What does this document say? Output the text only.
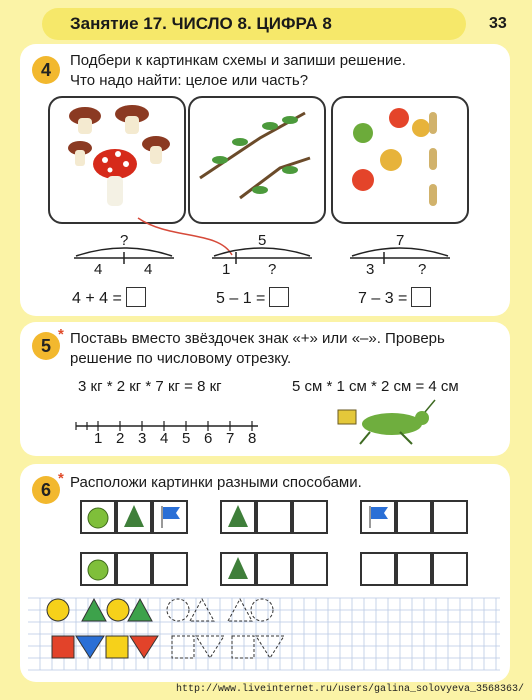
Занятие 17. ЧИСЛО 8. ЦИФРА 8	33
4	Подбери к картинкам схемы и запиши решение.
Что надо найти: целое или часть?
?
4	4
5
1	?
7
3	?
4 + 4 =	5 – 1 =	7 – 3 =
5
* Поставь вместо звёздочек знак «+» или «–». Проверь
решение по числовому отрезку.
3 кг * 2 кг * 7 кг = 8 кг	5 см * 1 см * 2 см = 4 см
1 2 3 4 5 6 7 8
6
* Расположи картинки разными способами.
http://www.liveinternet.ru/users/galina_solovyeva_3568363/
